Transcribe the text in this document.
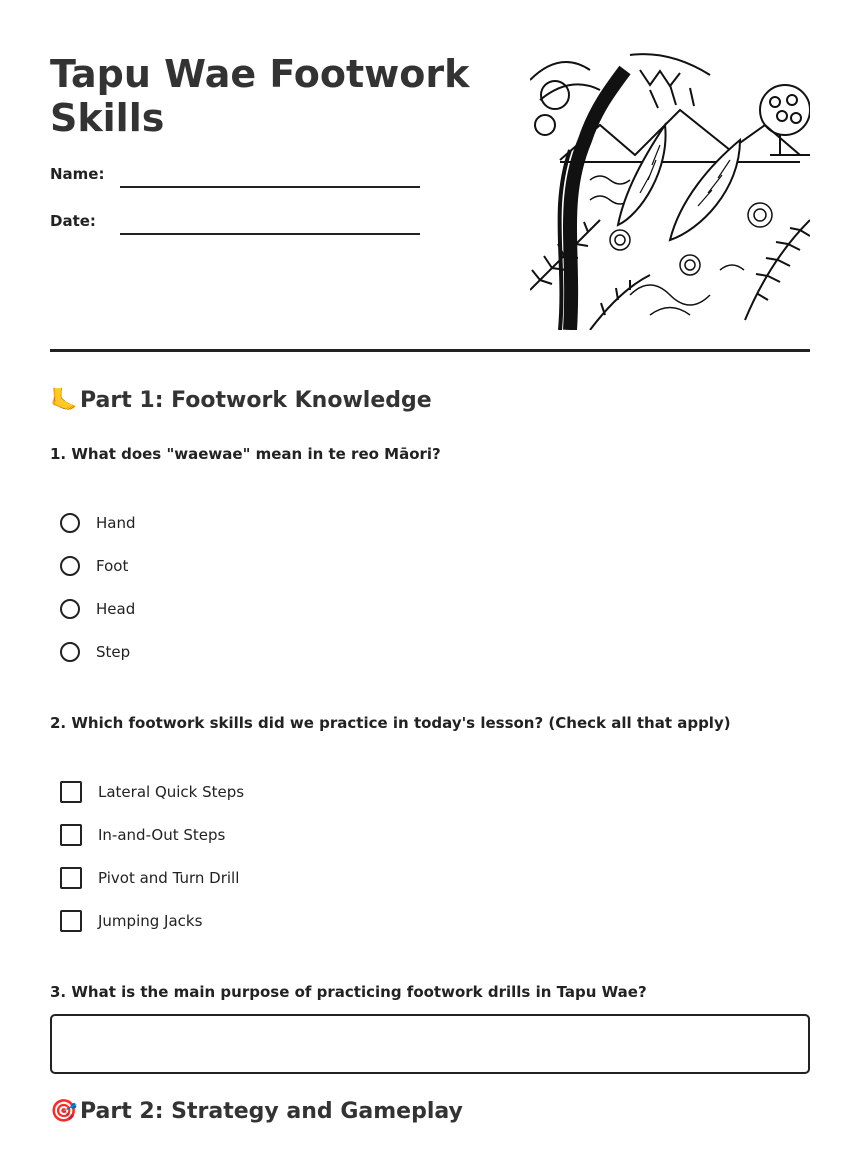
Tapu Wae Footwork Skills
Name:
Date:
🦶 Part 1: Footwork Knowledge
1. What does "waewae" mean in te reo Māori?
Hand
Foot
Head
Step
2. Which footwork skills did we practice in today's lesson? (Check all that apply)
Lateral Quick Steps
In-and-Out Steps
Pivot and Turn Drill
Jumping Jacks
3. What is the main purpose of practicing footwork drills in Tapu Wae?
🎯 Part 2: Strategy and Gameplay
